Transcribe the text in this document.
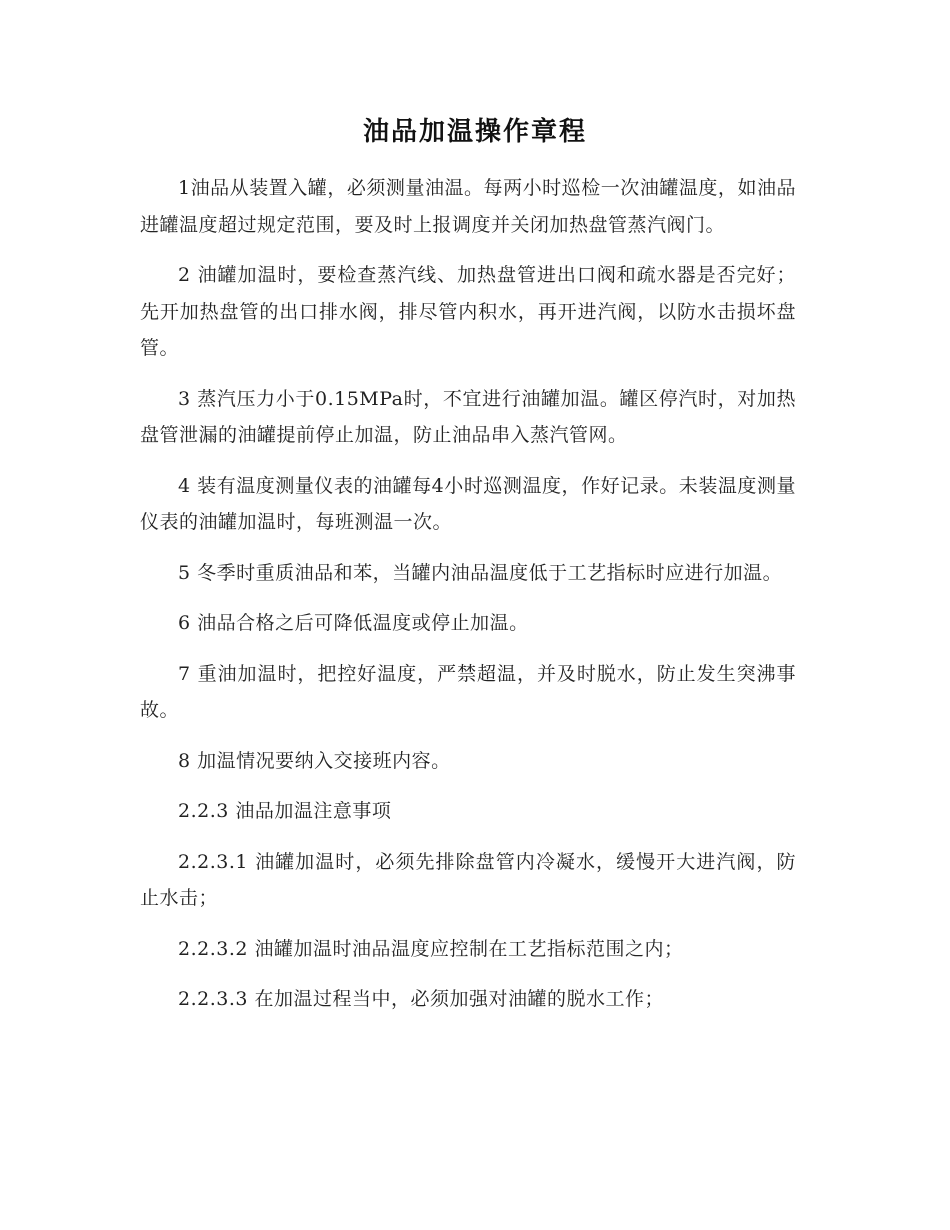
油品加温操作章程

1油品从装置入罐，必须测量油温。每两小时巡检一次油罐温度，如油品进罐温度超过规定范围，要及时上报调度并关闭加热盘管蒸汽阀门。

2 油罐加温时，要检查蒸汽线、加热盘管进出口阀和疏水器是否完好；先开加热盘管的出口排水阀，排尽管内积水，再开进汽阀，以防水击损坏盘管。

3 蒸汽压力小于0.15MPa时，不宜进行油罐加温。罐区停汽时，对加热盘管泄漏的油罐提前停止加温，防止油品串入蒸汽管网。

4 装有温度测量仪表的油罐每4小时巡测温度，作好记录。未装温度测量仪表的油罐加温时，每班测温一次。

5 冬季时重质油品和苯，当罐内油品温度低于工艺指标时应进行加温。

6 油品合格之后可降低温度或停止加温。

7 重油加温时，把控好温度，严禁超温，并及时脱水，防止发生突沸事故。

8 加温情况要纳入交接班内容。

2.2.3 油品加温注意事项

2.2.3.1 油罐加温时，必须先排除盘管内冷凝水，缓慢开大进汽阀，防止水击；

2.2.3.2 油罐加温时油品温度应控制在工艺指标范围之内；

2.2.3.3 在加温过程当中，必须加强对油罐的脱水工作；
